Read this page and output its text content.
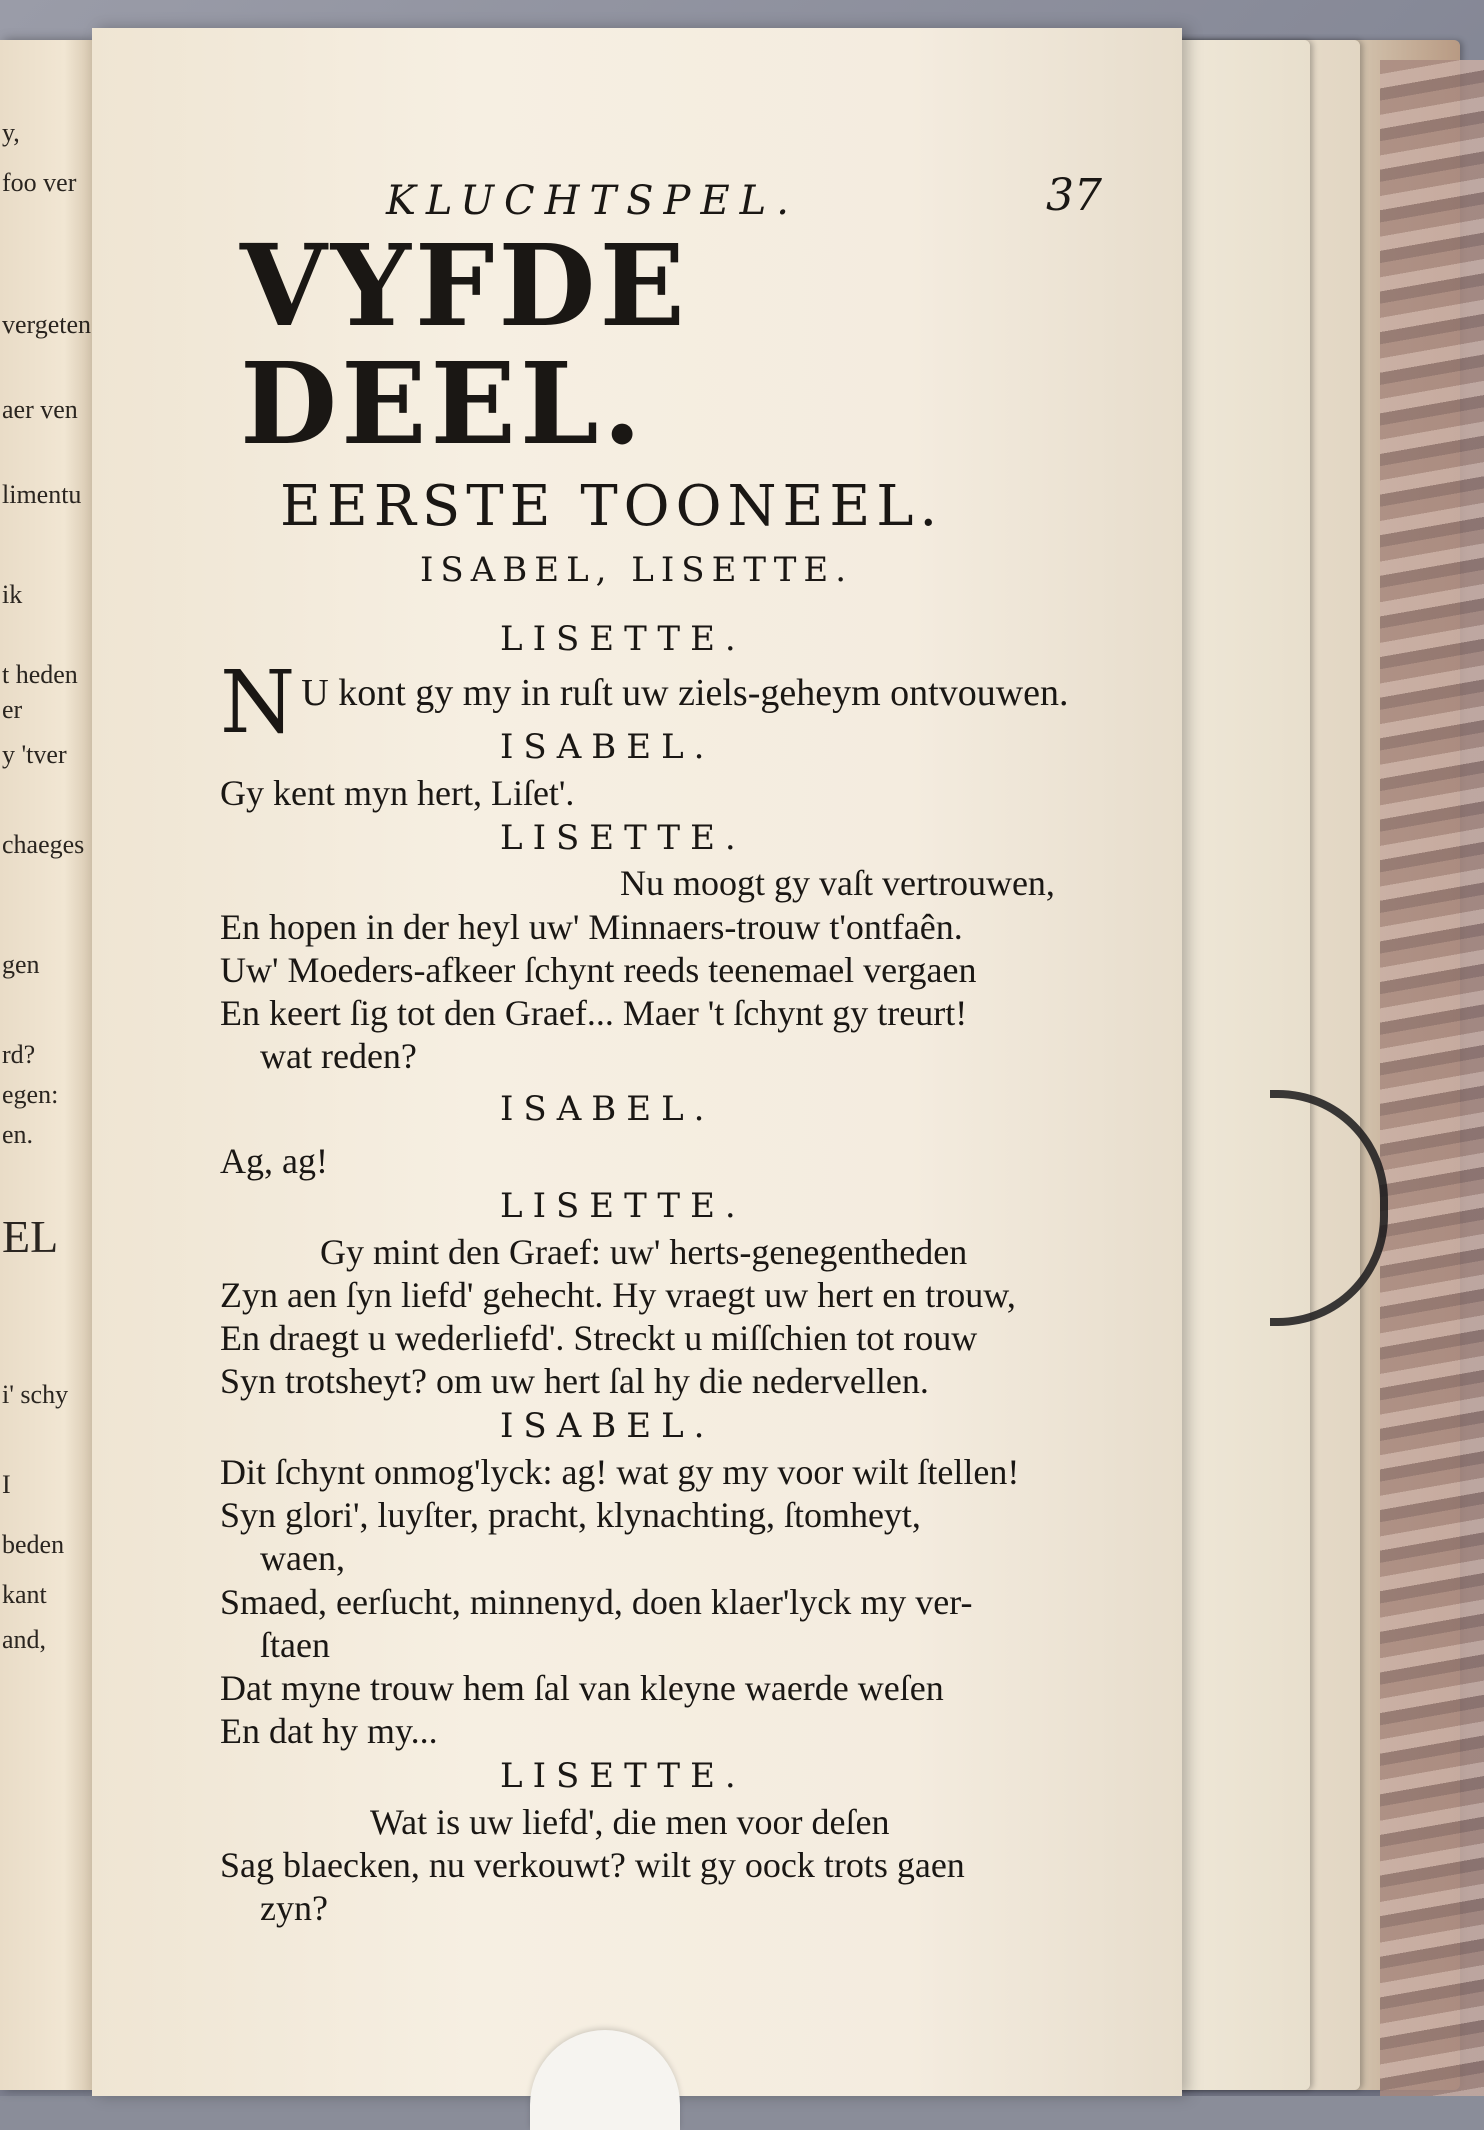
y,
foo ver
vergeten
aer ven
limentu
ik
t heden
er
y 'tver
chaeges
gen
rd?
egen:
en.
EL
i' schy
I
beden
kant
and,
KLUCHTSPEL.	37
VYFDE DEEL.
EERSTE TOONEEL.
ISABEL, LISETTE.
LISETTE.
N U kont gy my in ruſt uw ziels-geheym ontvouwen.
ISABEL.
Gy kent myn hert, Liſet'.
LISETTE.
Nu moogt gy vaſt vertrouwen,
En hopen in der heyl uw' Minnaers-trouw t'ontfaên.
Uw' Moeders-afkeer ſchynt reeds teenemael vergaen
En keert ſig tot den Graef... Maer 't ſchynt gy treurt!
wat reden?
ISABEL.
Ag, ag!
LISETTE.
Gy mint den Graef: uw' herts-genegentheden
Zyn aen ſyn liefd' gehecht. Hy vraegt uw hert en trouw,
En draegt u wederliefd'. Streckt u miſſchien tot rouw
Syn trotsheyt? om uw hert ſal hy die nedervellen.
ISABEL.
Dit ſchynt onmog'lyck: ag! wat gy my voor wilt ſtellen!
Syn glori', luyſter, pracht, klynachting, ſtomheyt,
waen,
Smaed, eerſucht, minnenyd, doen klaer'lyck my ver-
ſtaen
Dat myne trouw hem ſal van kleyne waerde weſen
En dat hy my...
LISETTE.
Wat is uw liefd', die men voor deſen
Sag blaecken, nu verkouwt? wilt gy oock trots gaen
zyn?
